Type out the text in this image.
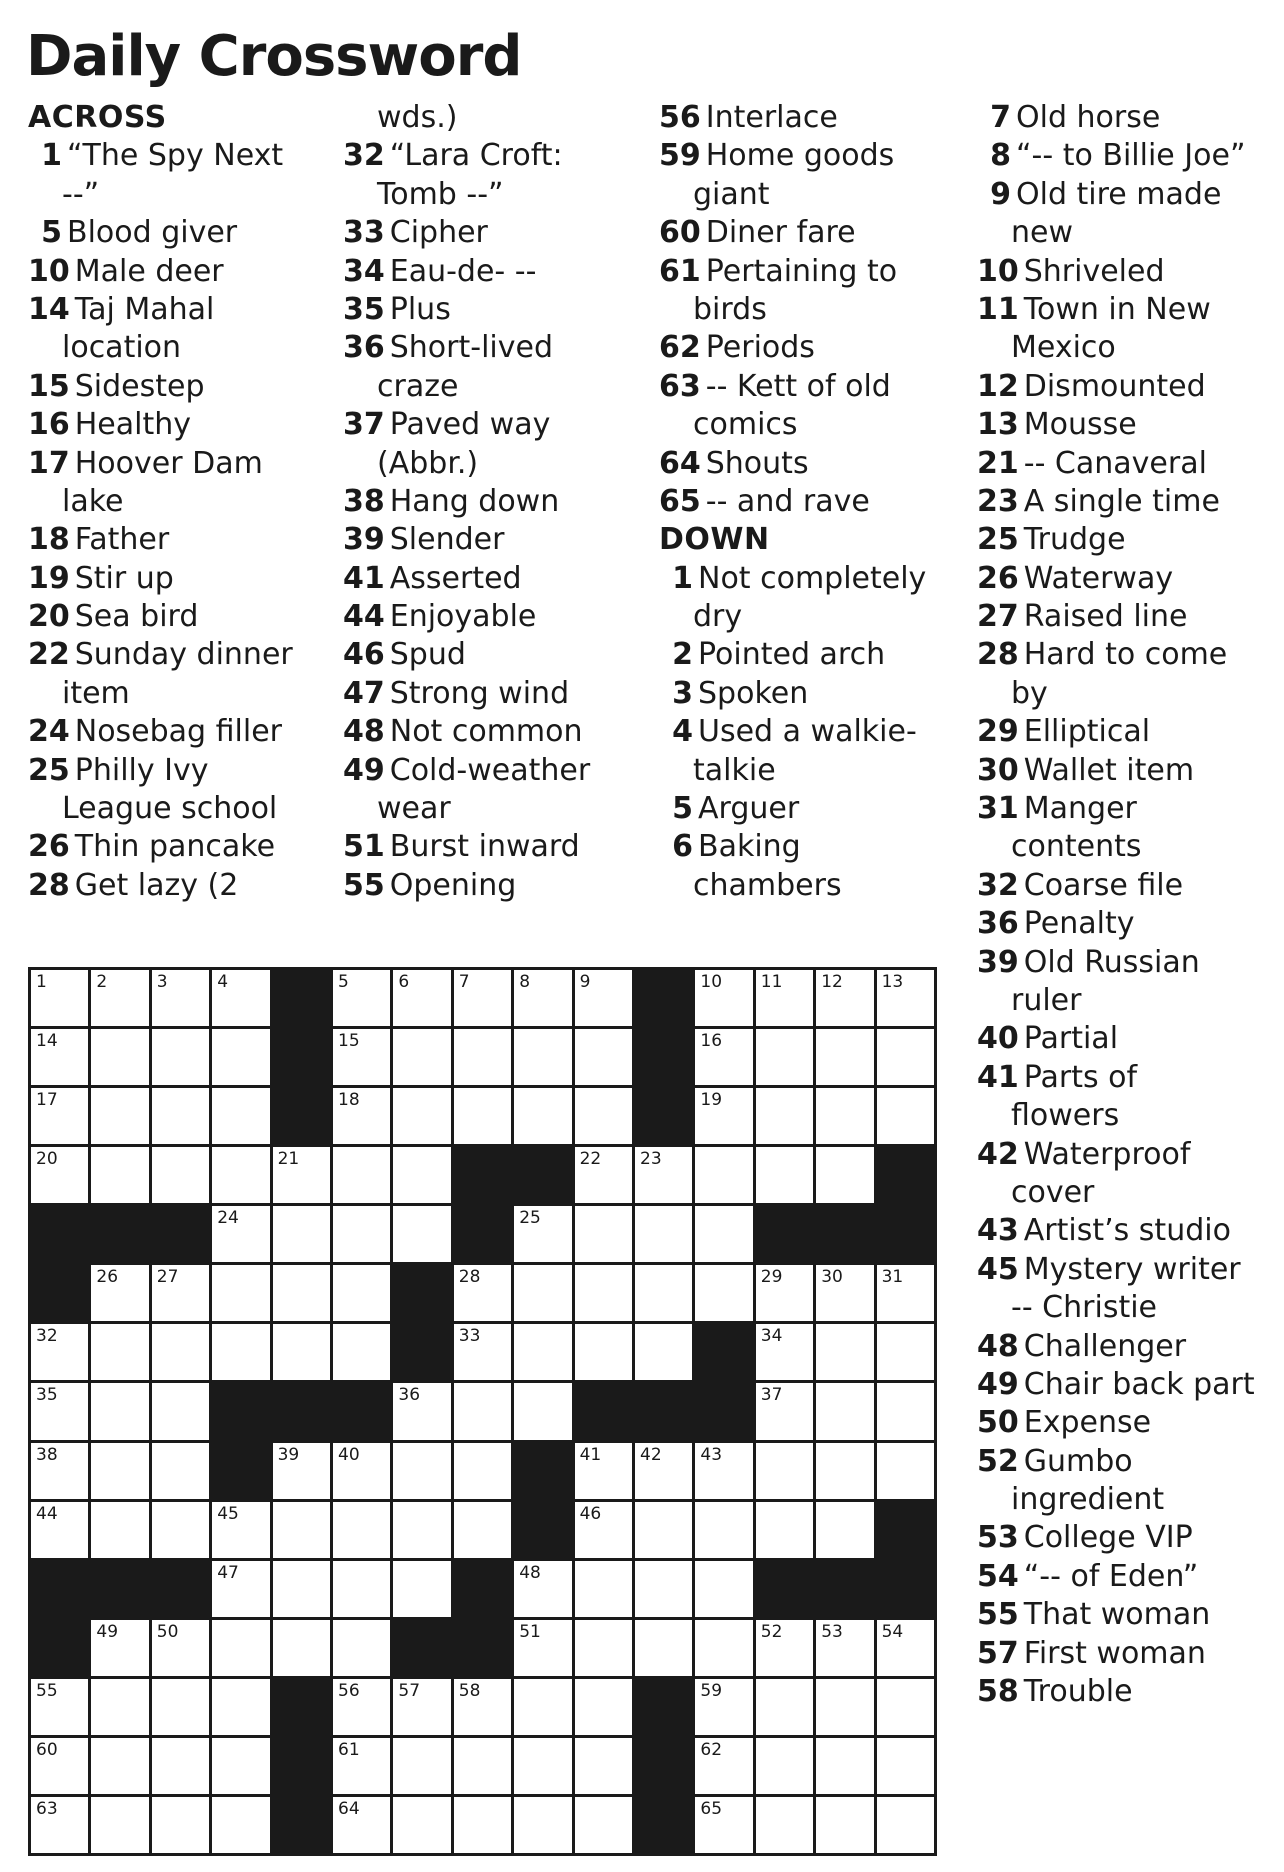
Daily Crossword
ACROSS
1 “The Spy Next
--”
5 Blood giver
10 Male deer
14 Taj Mahal
location
15 Sidestep
16 Healthy
17 Hoover Dam
lake
18 Father
19 Stir up
20 Sea bird
22 Sunday dinner
item
24 Nosebag filler
25 Philly Ivy
League school
26 Thin pancake
28 Get lazy (2
wds.)
32 “Lara Croft:
Tomb --”
33 Cipher
34 Eau-de- --
35 Plus
36 Short-lived
craze
37 Paved way
(Abbr.)
38 Hang down
39 Slender
41 Asserted
44 Enjoyable
46 Spud
47 Strong wind
48 Not common
49 Cold-weather
wear
51 Burst inward
55 Opening
56 Interlace
59 Home goods
giant
60 Diner fare
61 Pertaining to
birds
62 Periods
63 -- Kett of old
comics
64 Shouts
65 -- and rave
DOWN
1 Not completely
dry
2 Pointed arch
3 Spoken
4 Used a walkie-
talkie
5 Arguer
6 Baking
chambers
7 Old horse
8 “-- to Billie Joe”
9 Old tire made
new
10 Shriveled
11 Town in New
Mexico
12 Dismounted
13 Mousse
21 -- Canaveral
23 A single time
25 Trudge
26 Waterway
27 Raised line
28 Hard to come
by
29 Elliptical
30 Wallet item
31 Manger
contents
32 Coarse file
36 Penalty
39 Old Russian
ruler
40 Partial
41 Parts of
flowers
42 Waterproof
cover
43 Artist’s studio
45 Mystery writer
-- Christie
48 Challenger
49 Chair back part
50 Expense
52 Gumbo
ingredient
53 College VIP
54 “-- of Eden”
55 That woman
57 First woman
58 Trouble
1	2	3	4	5	6	7	8	9	10 11 12 13
14	15	16
17	18	19
20	21	22 23
24	25
26 27	28	29 30 31
32	33	34
35	36	37
38	39 40	41 42 43
44	45	46
47	48
49 50	51	52 53 54
55	56 57 58	59
60	61	62
63	64	65
